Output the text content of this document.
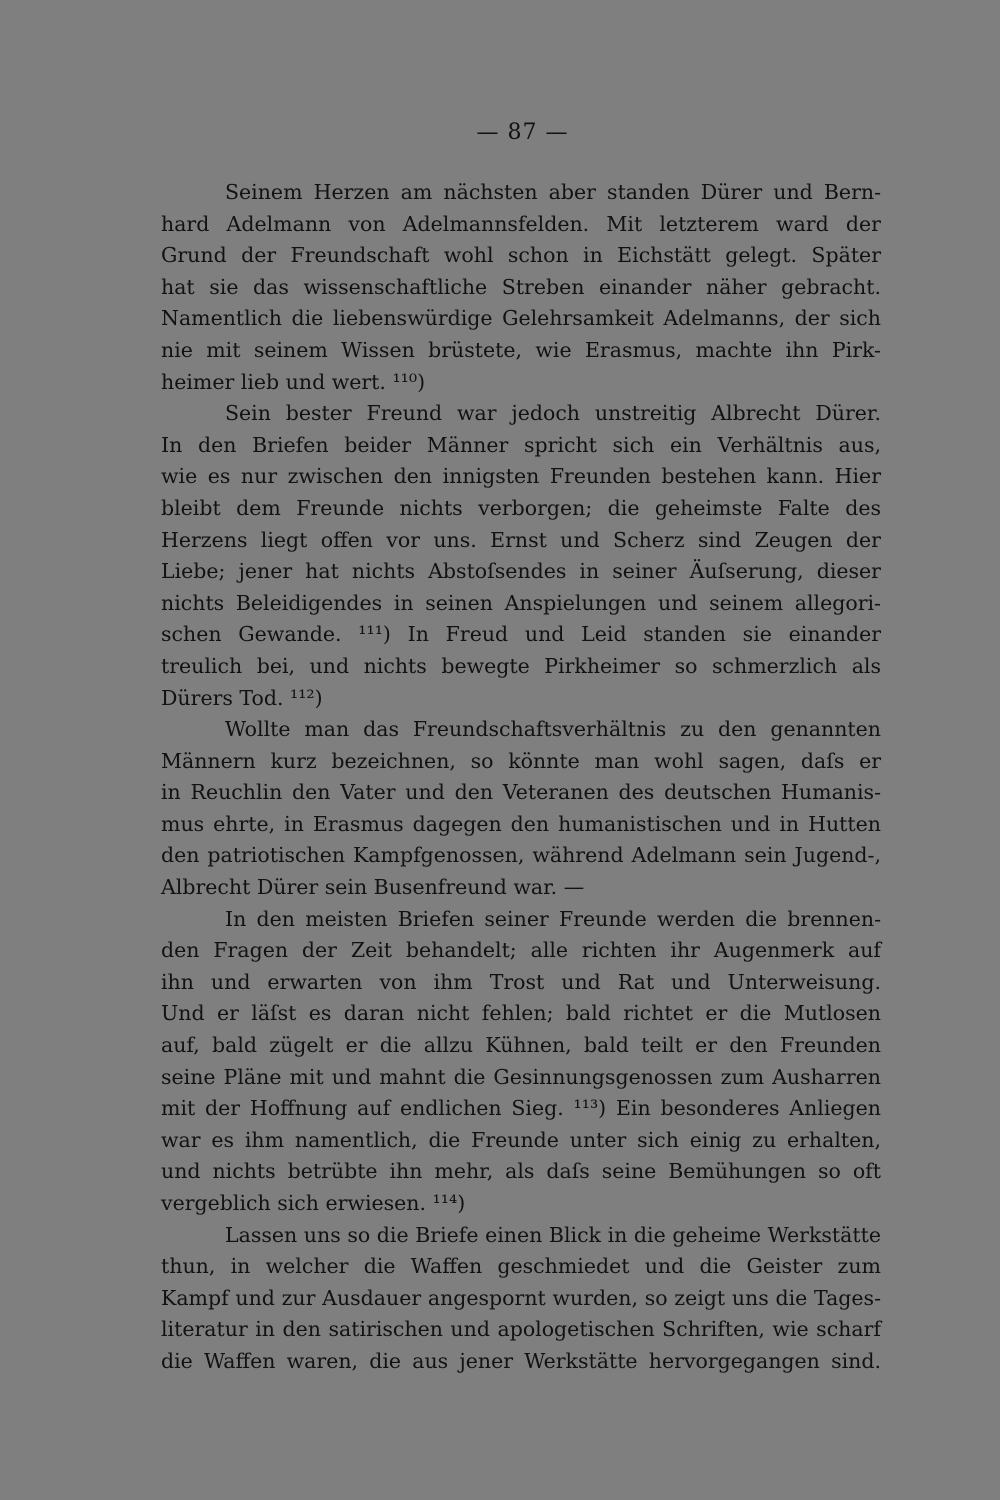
— 87 —
Seinem Herzen am nächsten aber standen Dürer und Bern-
hard Adelmann von Adelmannsfelden. Mit letzterem ward der
Grund der Freundschaft wohl schon in Eichstätt gelegt. Später
hat sie das wissenschaftliche Streben einander näher gebracht.
Namentlich die liebenswürdige Gelehrsamkeit Adelmanns, der sich
nie mit seinem Wissen brüstete, wie Erasmus, machte ihn Pirk-
heimer lieb und wert. ¹¹⁰)
Sein bester Freund war jedoch unstreitig Albrecht Dürer.
In den Briefen beider Männer spricht sich ein Verhältnis aus,
wie es nur zwischen den innigsten Freunden bestehen kann. Hier
bleibt dem Freunde nichts verborgen; die geheimste Falte des
Herzens liegt offen vor uns. Ernst und Scherz sind Zeugen der
Liebe; jener hat nichts Abstoſsendes in seiner Äuſserung, dieser
nichts Beleidigendes in seinen Anspielungen und seinem allegori-
schen Gewande. ¹¹¹) In Freud und Leid standen sie einander
treulich bei, und nichts bewegte Pirkheimer so schmerzlich als
Dürers Tod. ¹¹²)
Wollte man das Freundschaftsverhältnis zu den genannten
Männern kurz bezeichnen, so könnte man wohl sagen, daſs er
in Reuchlin den Vater und den Veteranen des deutschen Humanis-
mus ehrte, in Erasmus dagegen den humanistischen und in Hutten
den patriotischen Kampfgenossen, während Adelmann sein Jugend-,
Albrecht Dürer sein Busenfreund war. —
In den meisten Briefen seiner Freunde werden die brennen-
den Fragen der Zeit behandelt; alle richten ihr Augenmerk auf
ihn und erwarten von ihm Trost und Rat und Unterweisung.
Und er läſst es daran nicht fehlen; bald richtet er die Mutlosen
auf, bald zügelt er die allzu Kühnen, bald teilt er den Freunden
seine Pläne mit und mahnt die Gesinnungsgenossen zum Ausharren
mit der Hoffnung auf endlichen Sieg. ¹¹³) Ein besonderes Anliegen
war es ihm namentlich, die Freunde unter sich einig zu erhalten,
und nichts betrübte ihn mehr, als daſs seine Bemühungen so oft
vergeblich sich erwiesen. ¹¹⁴)
Lassen uns so die Briefe einen Blick in die geheime Werkstätte
thun, in welcher die Waffen geschmiedet und die Geister zum
Kampf und zur Ausdauer angespornt wurden, so zeigt uns die Tages-
literatur in den satirischen und apologetischen Schriften, wie scharf
die Waffen waren, die aus jener Werkstätte hervorgegangen sind.
